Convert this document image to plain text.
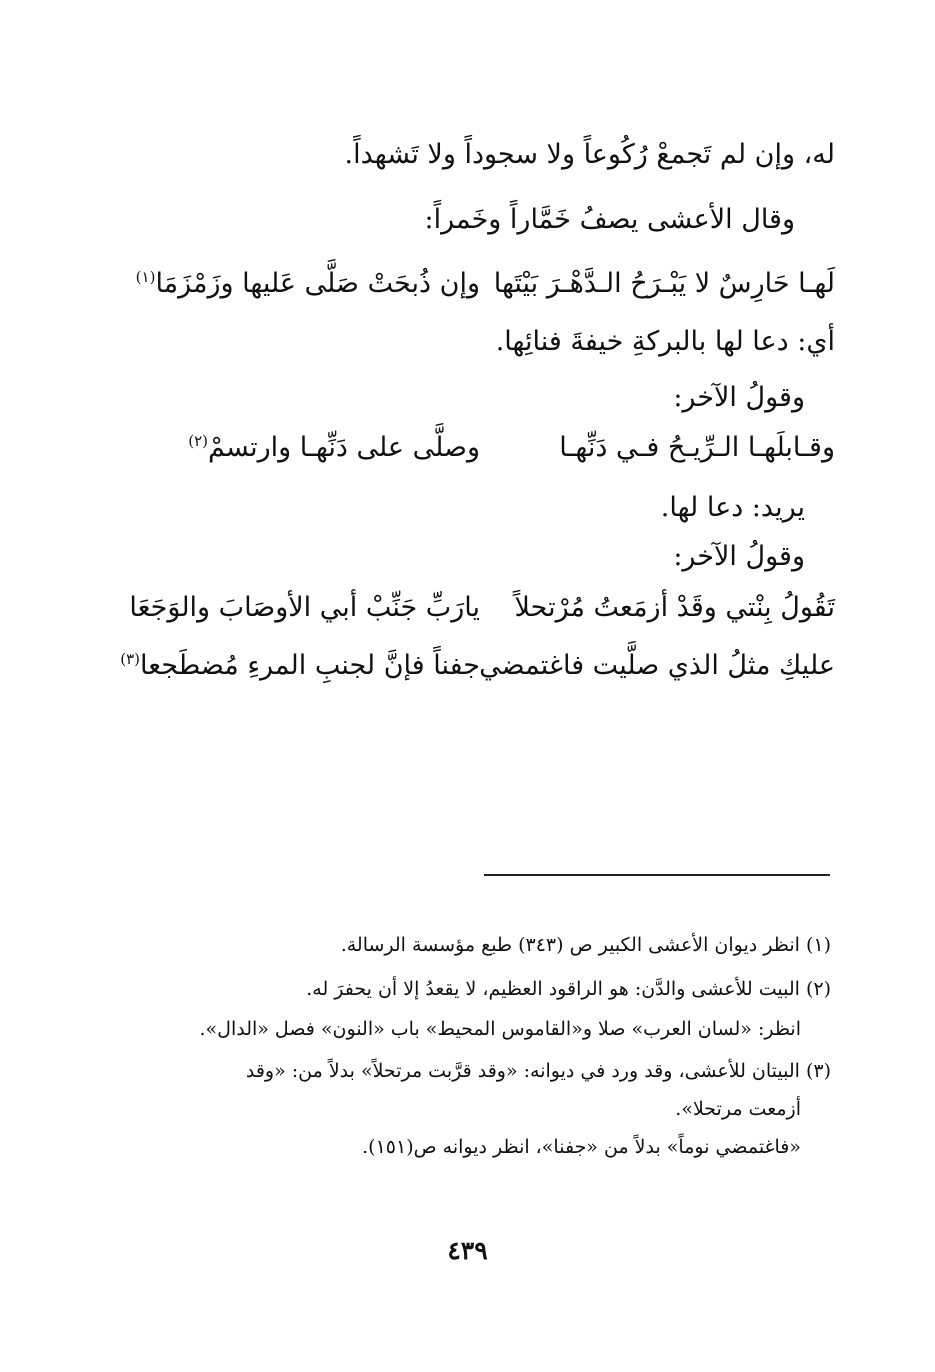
له، وإن لم تَجمعْ رُكُوعاً ولا سجوداً ولا تَشهداً.
وقال الأعشى يصفُ خَمَّاراً وخَمراً:
لَهـا حَارِسٌ لا يَبْـرَحُ الـدَّهْـرَ بَيْتَها
وإن ذُبحَتْ صَلَّى عَليها وزَمْزَمَا$^{(١)}$
أي: دعا لها بالبركةِ خيفةَ فنائِها.
وقولُ الآخر:
وقـابلَهـا الـرِّيـحُ فـي دَنِّهـا
وصلَّى على دَنِّهـا وارتسمْ$^{(٢)}$
يريد: دعا لها.
وقولُ الآخر:
تَقُولُ بِنْتي وقَدْ أزمَعتُ مُرْتحلاً
يارَبِّ جَنِّبْ أبي الأوصَابَ والوَجَعَا
عليكِ مثلُ الذي صلَّيت فاغتمضي
جفناً فإنَّ لجنبِ المرءِ مُضطَجعا$^{(٣)}$
(١) انظر ديوان الأعشى الكبير ص (٣٤٣) طبع مؤسسة الرسالة.
(٢) البيت للأعشى والدَّن: هو الراقود العظيم، لا يقعدُ إلا أن يحفرَ له.
انظر: «لسان العرب» صلا و«القاموس المحيط» باب «النون» فصل «الدال».
(٣) البيتان للأعشى، وقد ورد في ديوانه: «وقد قرَّبت مرتحلاً» بدلاً من: «وقد
أزمعت مرتحلا».
«فاغتمضي نوماً» بدلاً من «جفنا»، انظر ديوانه ص(١٥١).
٤٣٩
